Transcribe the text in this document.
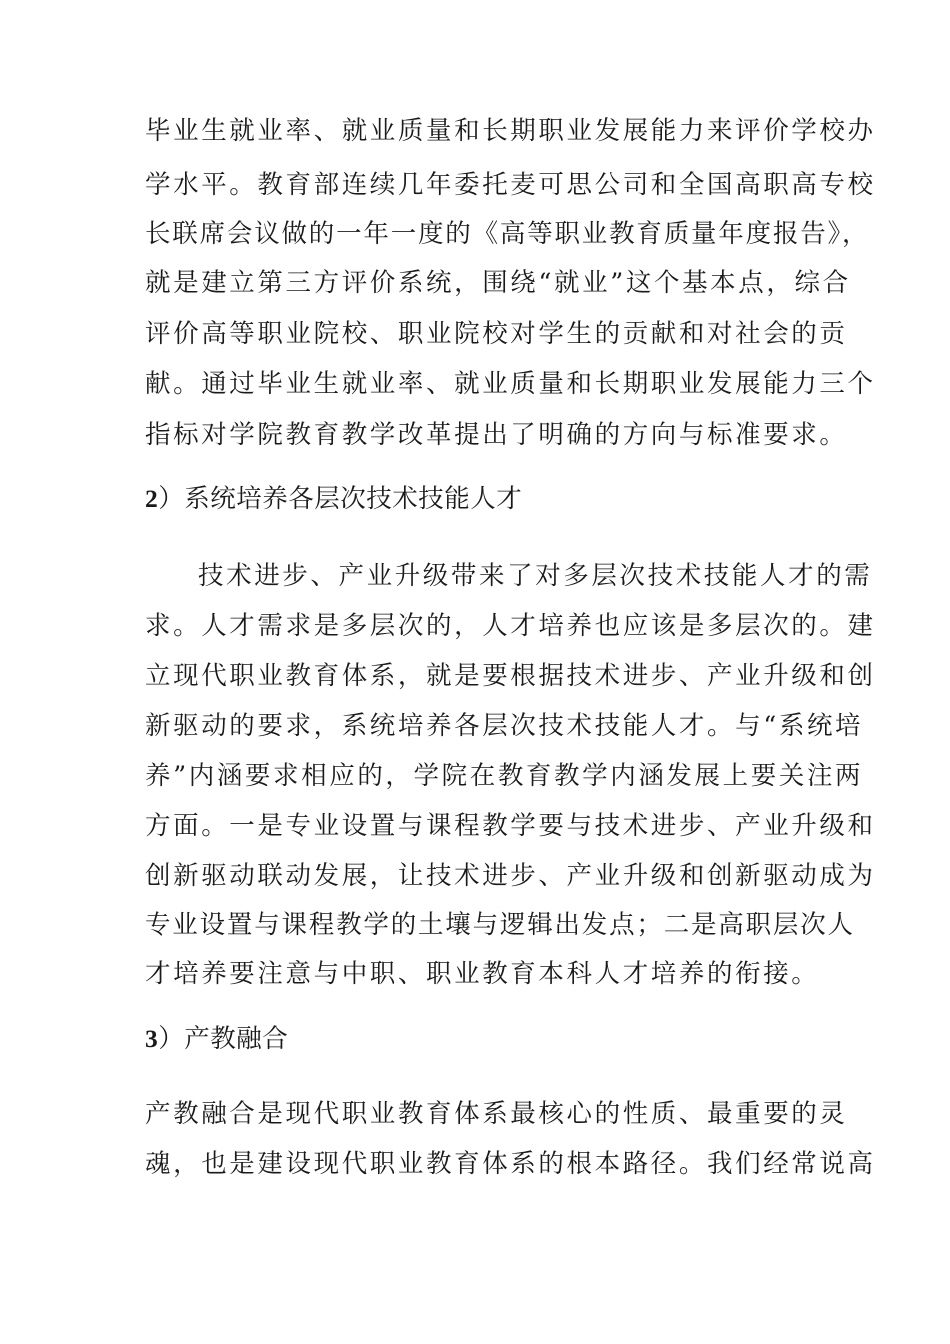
毕业生就业率、就业质量和长期职业发展能力来评价学校办
学水平。教育部连续几年委托麦可思公司和全国高职高专校
长联席会议做的一年一度的《高等职业教育质量年度报告》，
就是建立第三方评价系统，围绕“就业”这个基本点，综合
评价高等职业院校、职业院校对学生的贡献和对社会的贡
献。通过毕业生就业率、就业质量和长期职业发展能力三个
指标对学院教育教学改革提出了明确的方向与标准要求。
2）系统培养各层次技术技能人才
技术进步、产业升级带来了对多层次技术技能人才的需
求。人才需求是多层次的，人才培养也应该是多层次的。建
立现代职业教育体系，就是要根据技术进步、产业升级和创
新驱动的要求，系统培养各层次技术技能人才。与“系统培
养”内涵要求相应的，学院在教育教学内涵发展上要关注两
方面。一是专业设置与课程教学要与技术进步、产业升级和
创新驱动联动发展，让技术进步、产业升级和创新驱动成为
专业设置与课程教学的土壤与逻辑出发点；二是高职层次人
才培养要注意与中职、职业教育本科人才培养的衔接。
3）产教融合
产教融合是现代职业教育体系最核心的性质、最重要的灵
魂，也是建设现代职业教育体系的根本路径。我们经常说高
